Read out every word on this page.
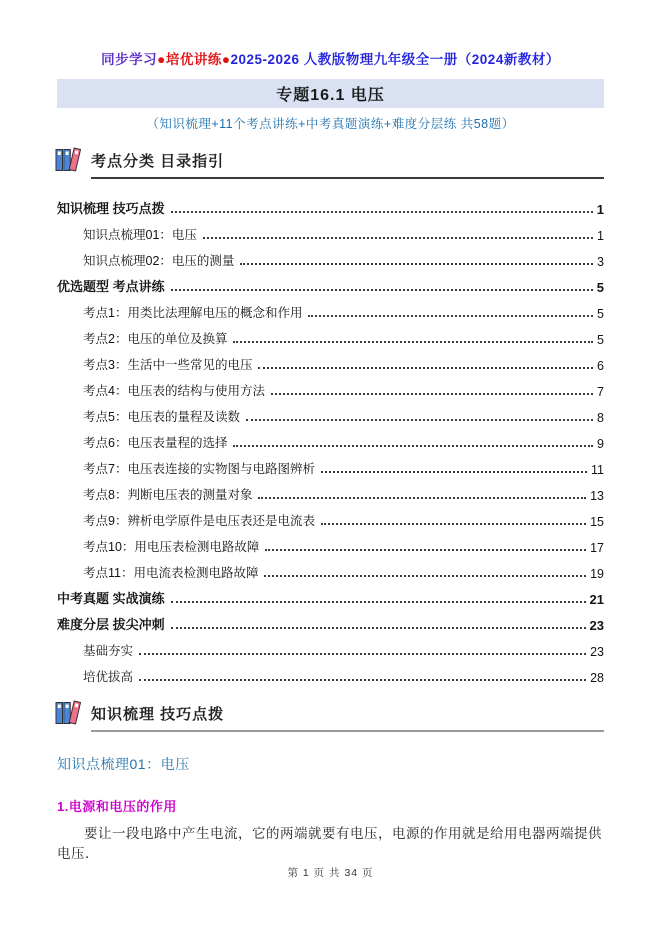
同步学习●培优讲练●2025-2026 人教版物理九年级全一册（2024新教材）
专题16.1 电压
（知识梳理+11个考点讲练+中考真题演练+难度分层练 共58题）
考点分类 目录指引
知识梳理 技巧点拨	1
知识点梳理01：电压	1
知识点梳理02：电压的测量	3
优选题型 考点讲练	5
考点1：用类比法理解电压的概念和作用	5
考点2：电压的单位及换算	5
考点3：生活中一些常见的电压	6
考点4：电压表的结构与使用方法	7
考点5：电压表的量程及读数	8
考点6：电压表量程的选择	9
考点7：电压表连接的实物图与电路图辨析	11
考点8：判断电压表的测量对象	13
考点9：辨析电学原件是电压表还是电流表	15
考点10：用电压表检测电路故障	17
考点11：用电流表检测电路故障	19
中考真题 实战演练	21
难度分层 拔尖冲刺	23
基础夯实	23
培优拔高	28
知识梳理 技巧点拨
知识点梳理01：电压
1.电源和电压的作用
要让一段电路中产生电流，它的两端就要有电压，电源的作用就是给用电器两端提供电压．
第 1 页 共 34 页
